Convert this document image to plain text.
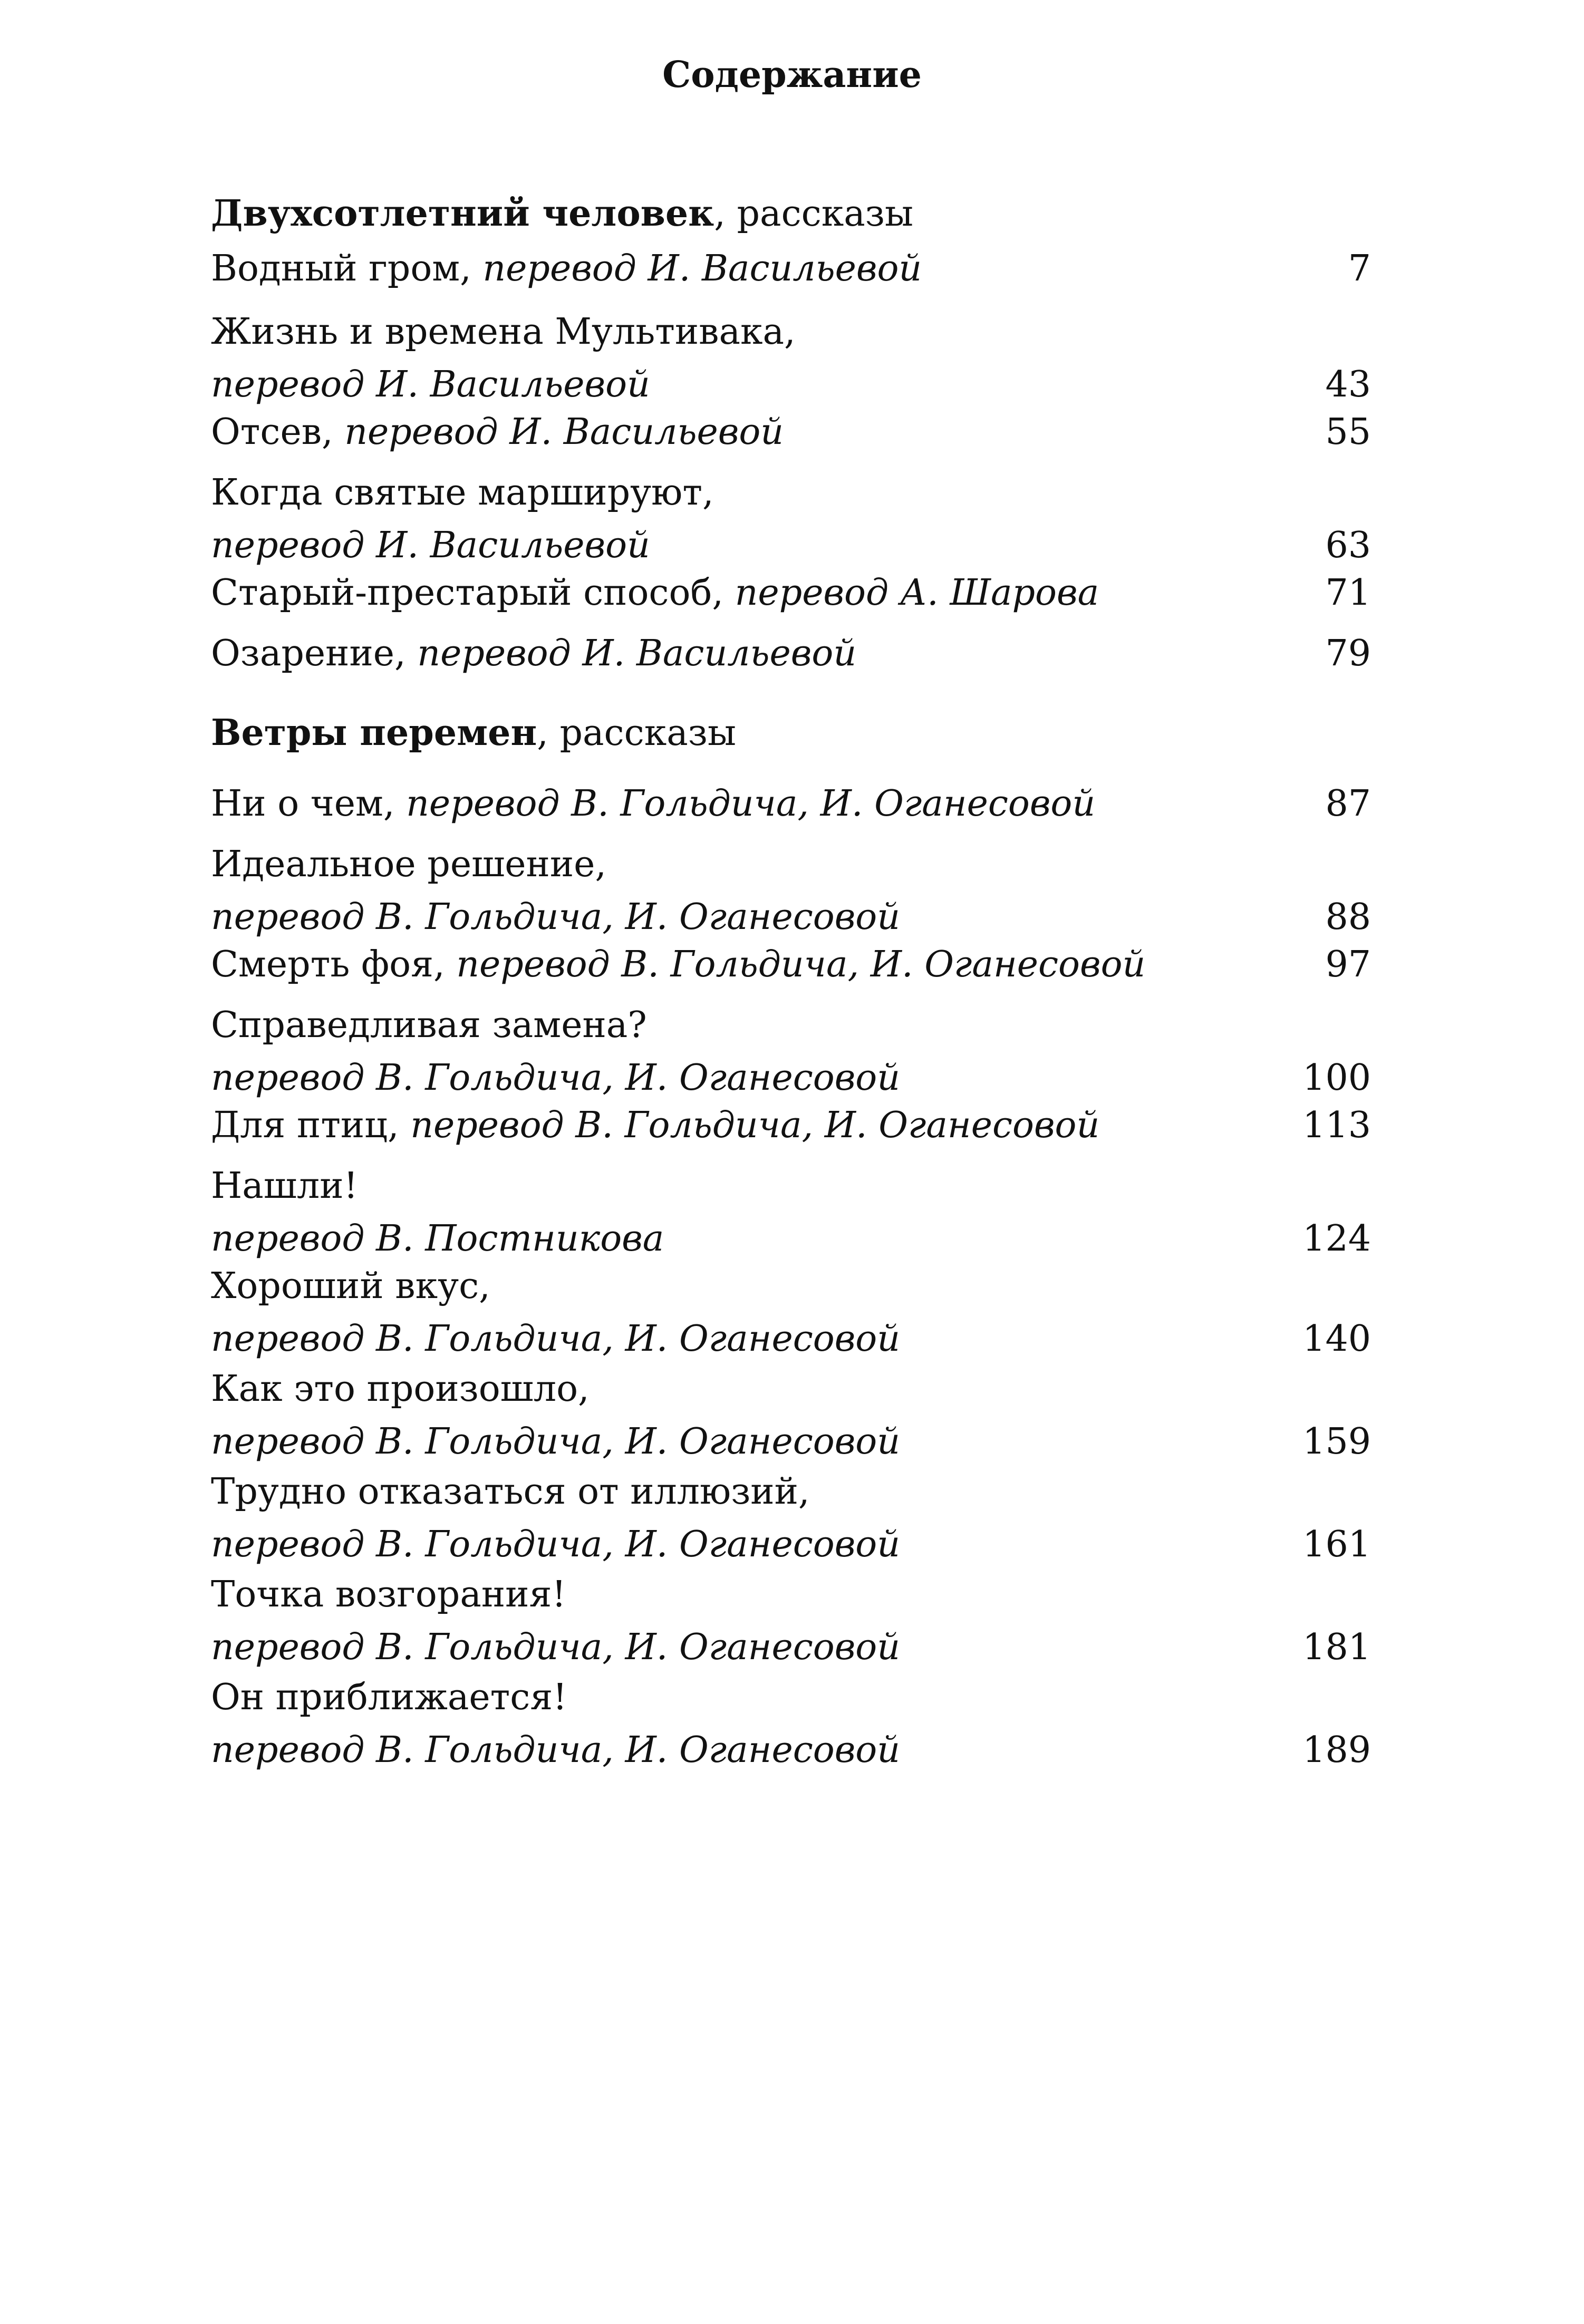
Содержание
Двухсотлетний человек, рассказы
Водный гром, перевод И. Васильевой	7
Жизнь и времена Мультивака,
перевод И. Васильевой	43
Отсев, перевод И. Васильевой	55
Когда святые маршируют,
перевод И. Васильевой	63
Старый-престарый способ, перевод А. Шарова	71
Озарение, перевод И. Васильевой	79
Ветры перемен, рассказы
Ни о чем, перевод В. Гольдича, И. Оганесовой	87
Идеальное решение,
перевод В. Гольдича, И. Оганесовой	88
Смерть фоя, перевод В. Гольдича, И. Оганесовой	97
Справедливая замена?
перевод В. Гольдича, И. Оганесовой	100
Для птиц, перевод В. Гольдича, И. Оганесовой	113
Нашли!
перевод В. Постникова	124
Хороший вкус,
перевод В. Гольдича, И. Оганесовой	140
Как это произошло,
перевод В. Гольдича, И. Оганесовой	159
Трудно отказаться от иллюзий,
перевод В. Гольдича, И. Оганесовой	161
Точка возгорания!
перевод В. Гольдича, И. Оганесовой	181
Он приближается!
перевод В. Гольдича, И. Оганесовой	189
